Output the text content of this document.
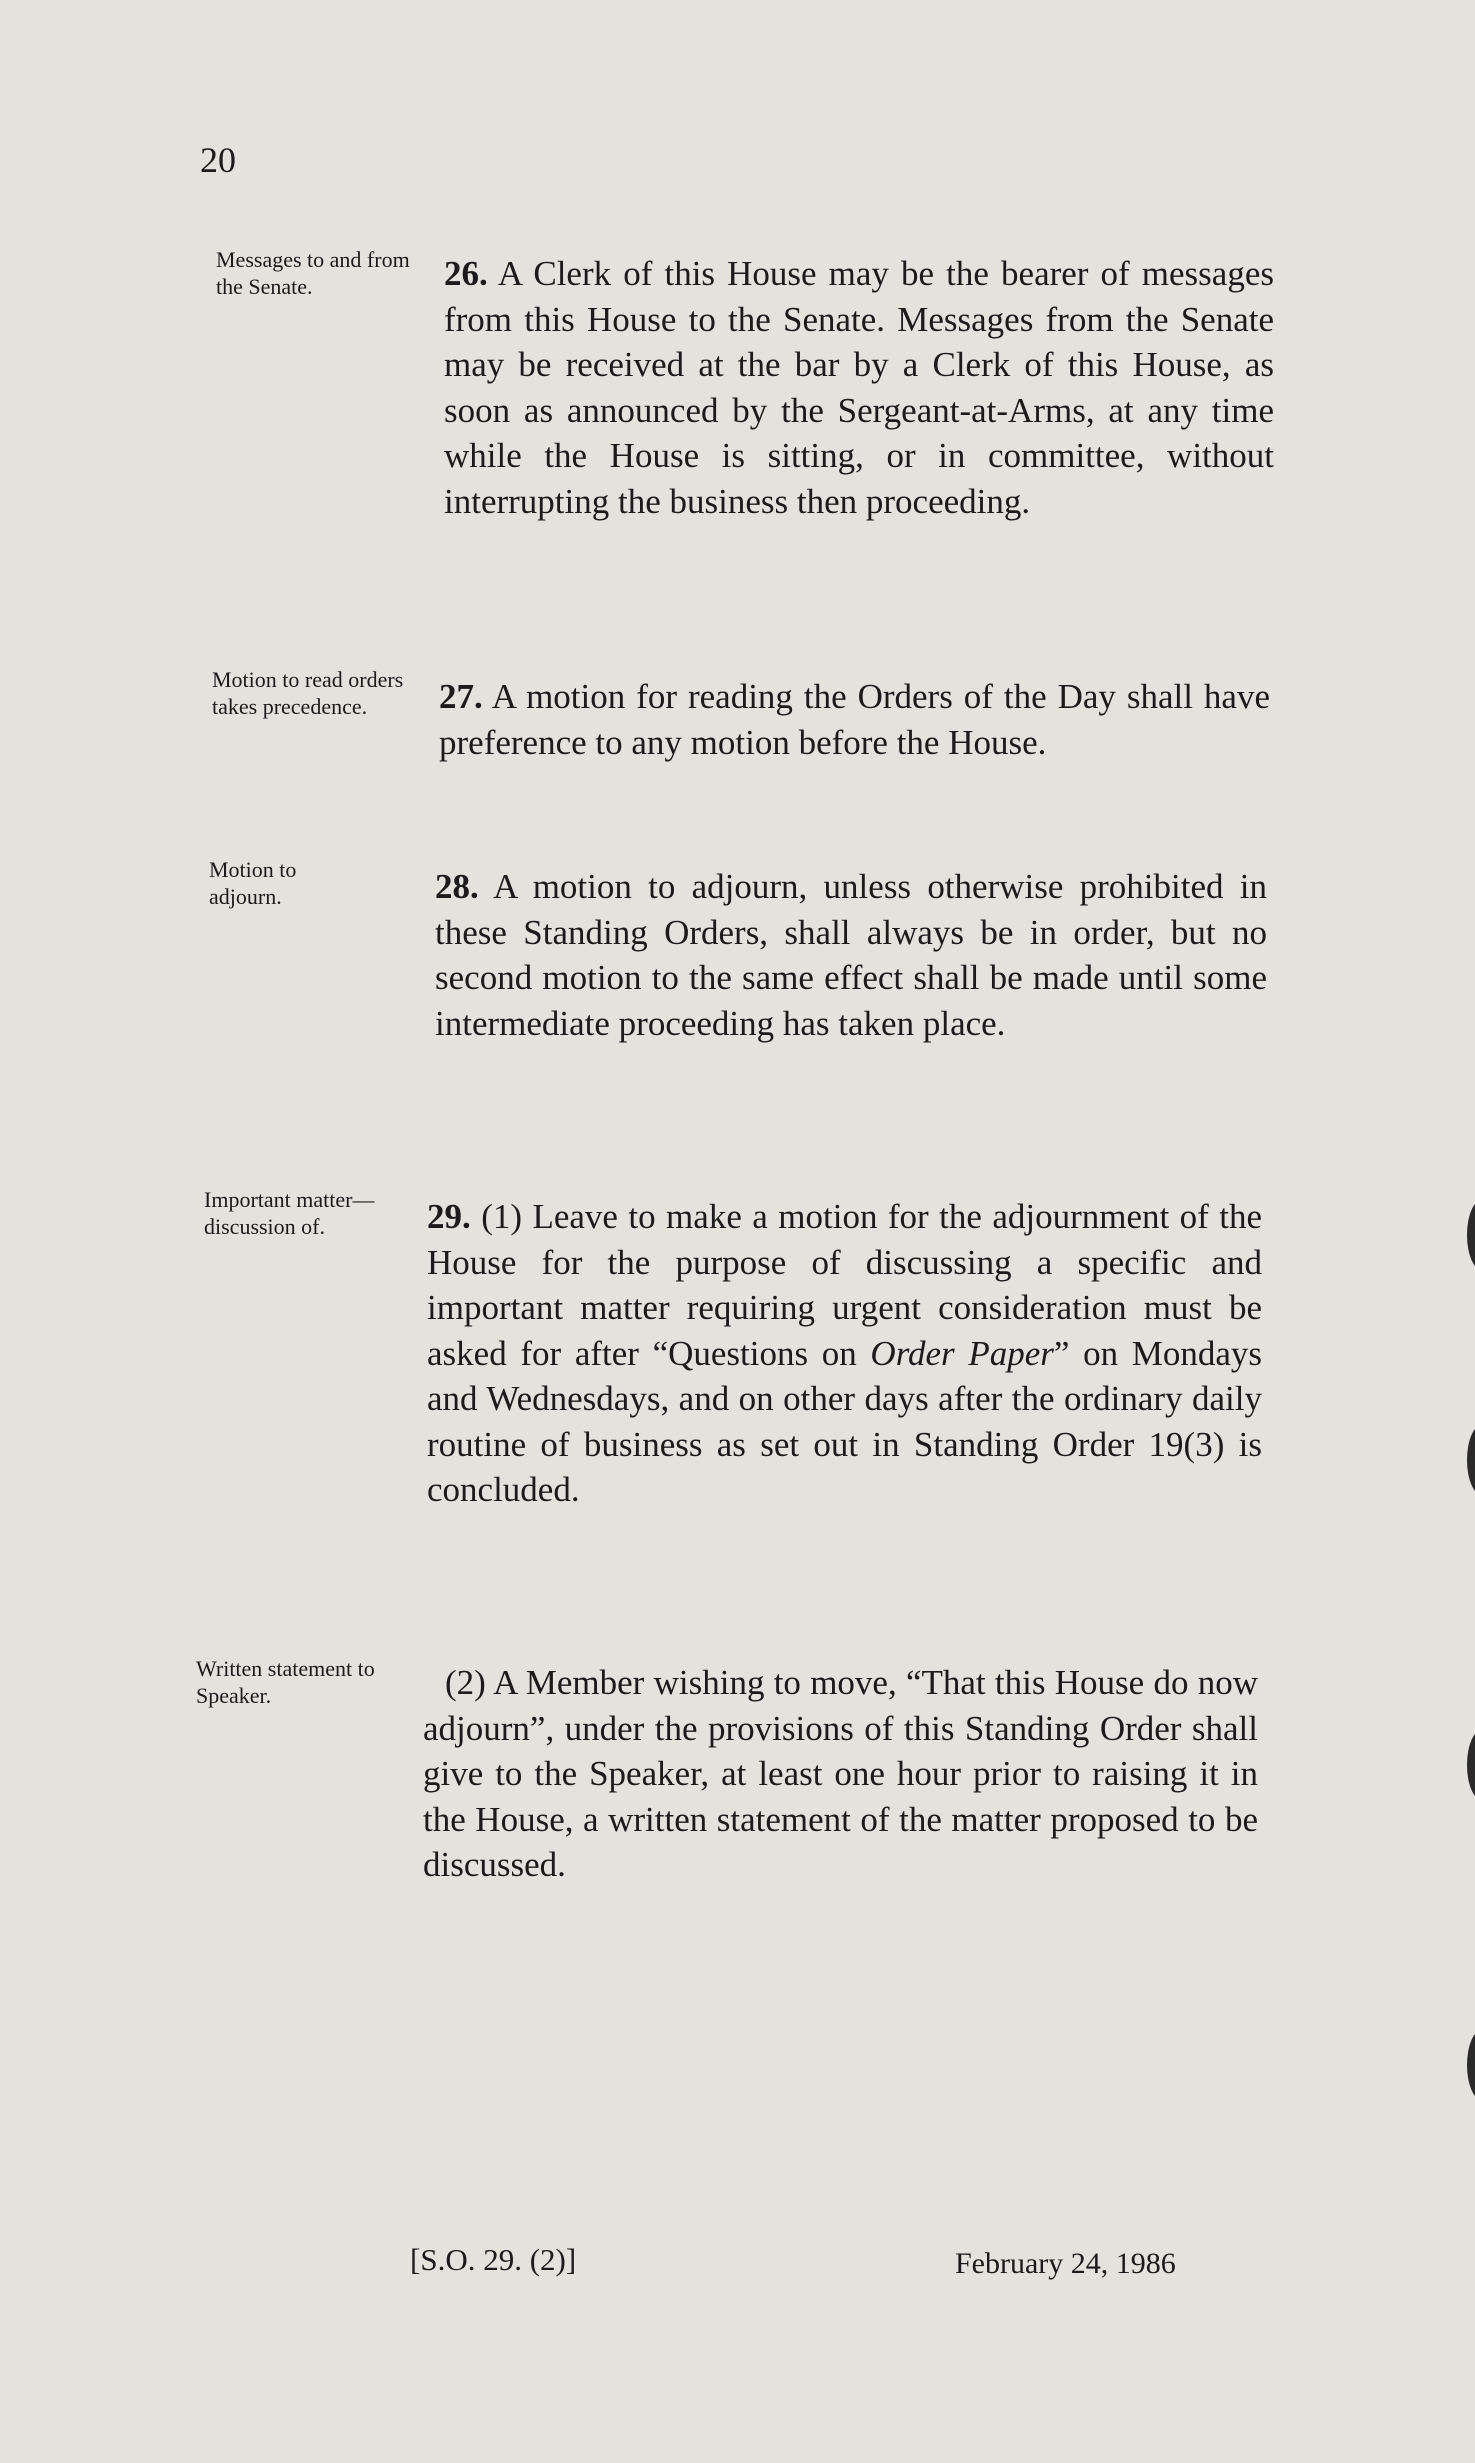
20
Messages to and from the Senate.	26. A Clerk of this House may be the bearer of messages from this House to the Senate. Messages from the Senate may be received at the bar by a Clerk of this House, as soon as announced by the Sergeant-at-Arms, at any time while the House is sitting, or in committee, without interrupting the business then proceeding.
Motion to read orders takes precedence.	27. A motion for reading the Orders of the Day shall have preference to any motion before the House.
Motion to adjourn.	28. A motion to adjourn, unless otherwise prohibited in these Standing Orders, shall always be in order, but no second motion to the same effect shall be made until some intermediate proceeding has taken place.
Important matter—discussion of.	29. (1) Leave to make a motion for the adjournment of the House for the purpose of discussing a specific and important matter requiring urgent consideration must be asked for after “Questions on Order Paper” on Mondays and Wednesdays, and on other days after the ordinary daily routine of business as set out in Standing Order 19(3) is concluded.
Written statement to Speaker.	(2) A Member wishing to move, “That this House do now adjourn”, under the provisions of this Standing Order shall give to the Speaker, at least one hour prior to raising it in the House, a written statement of the matter proposed to be discussed.
[S.O. 29. (2)]	February 24, 1986
